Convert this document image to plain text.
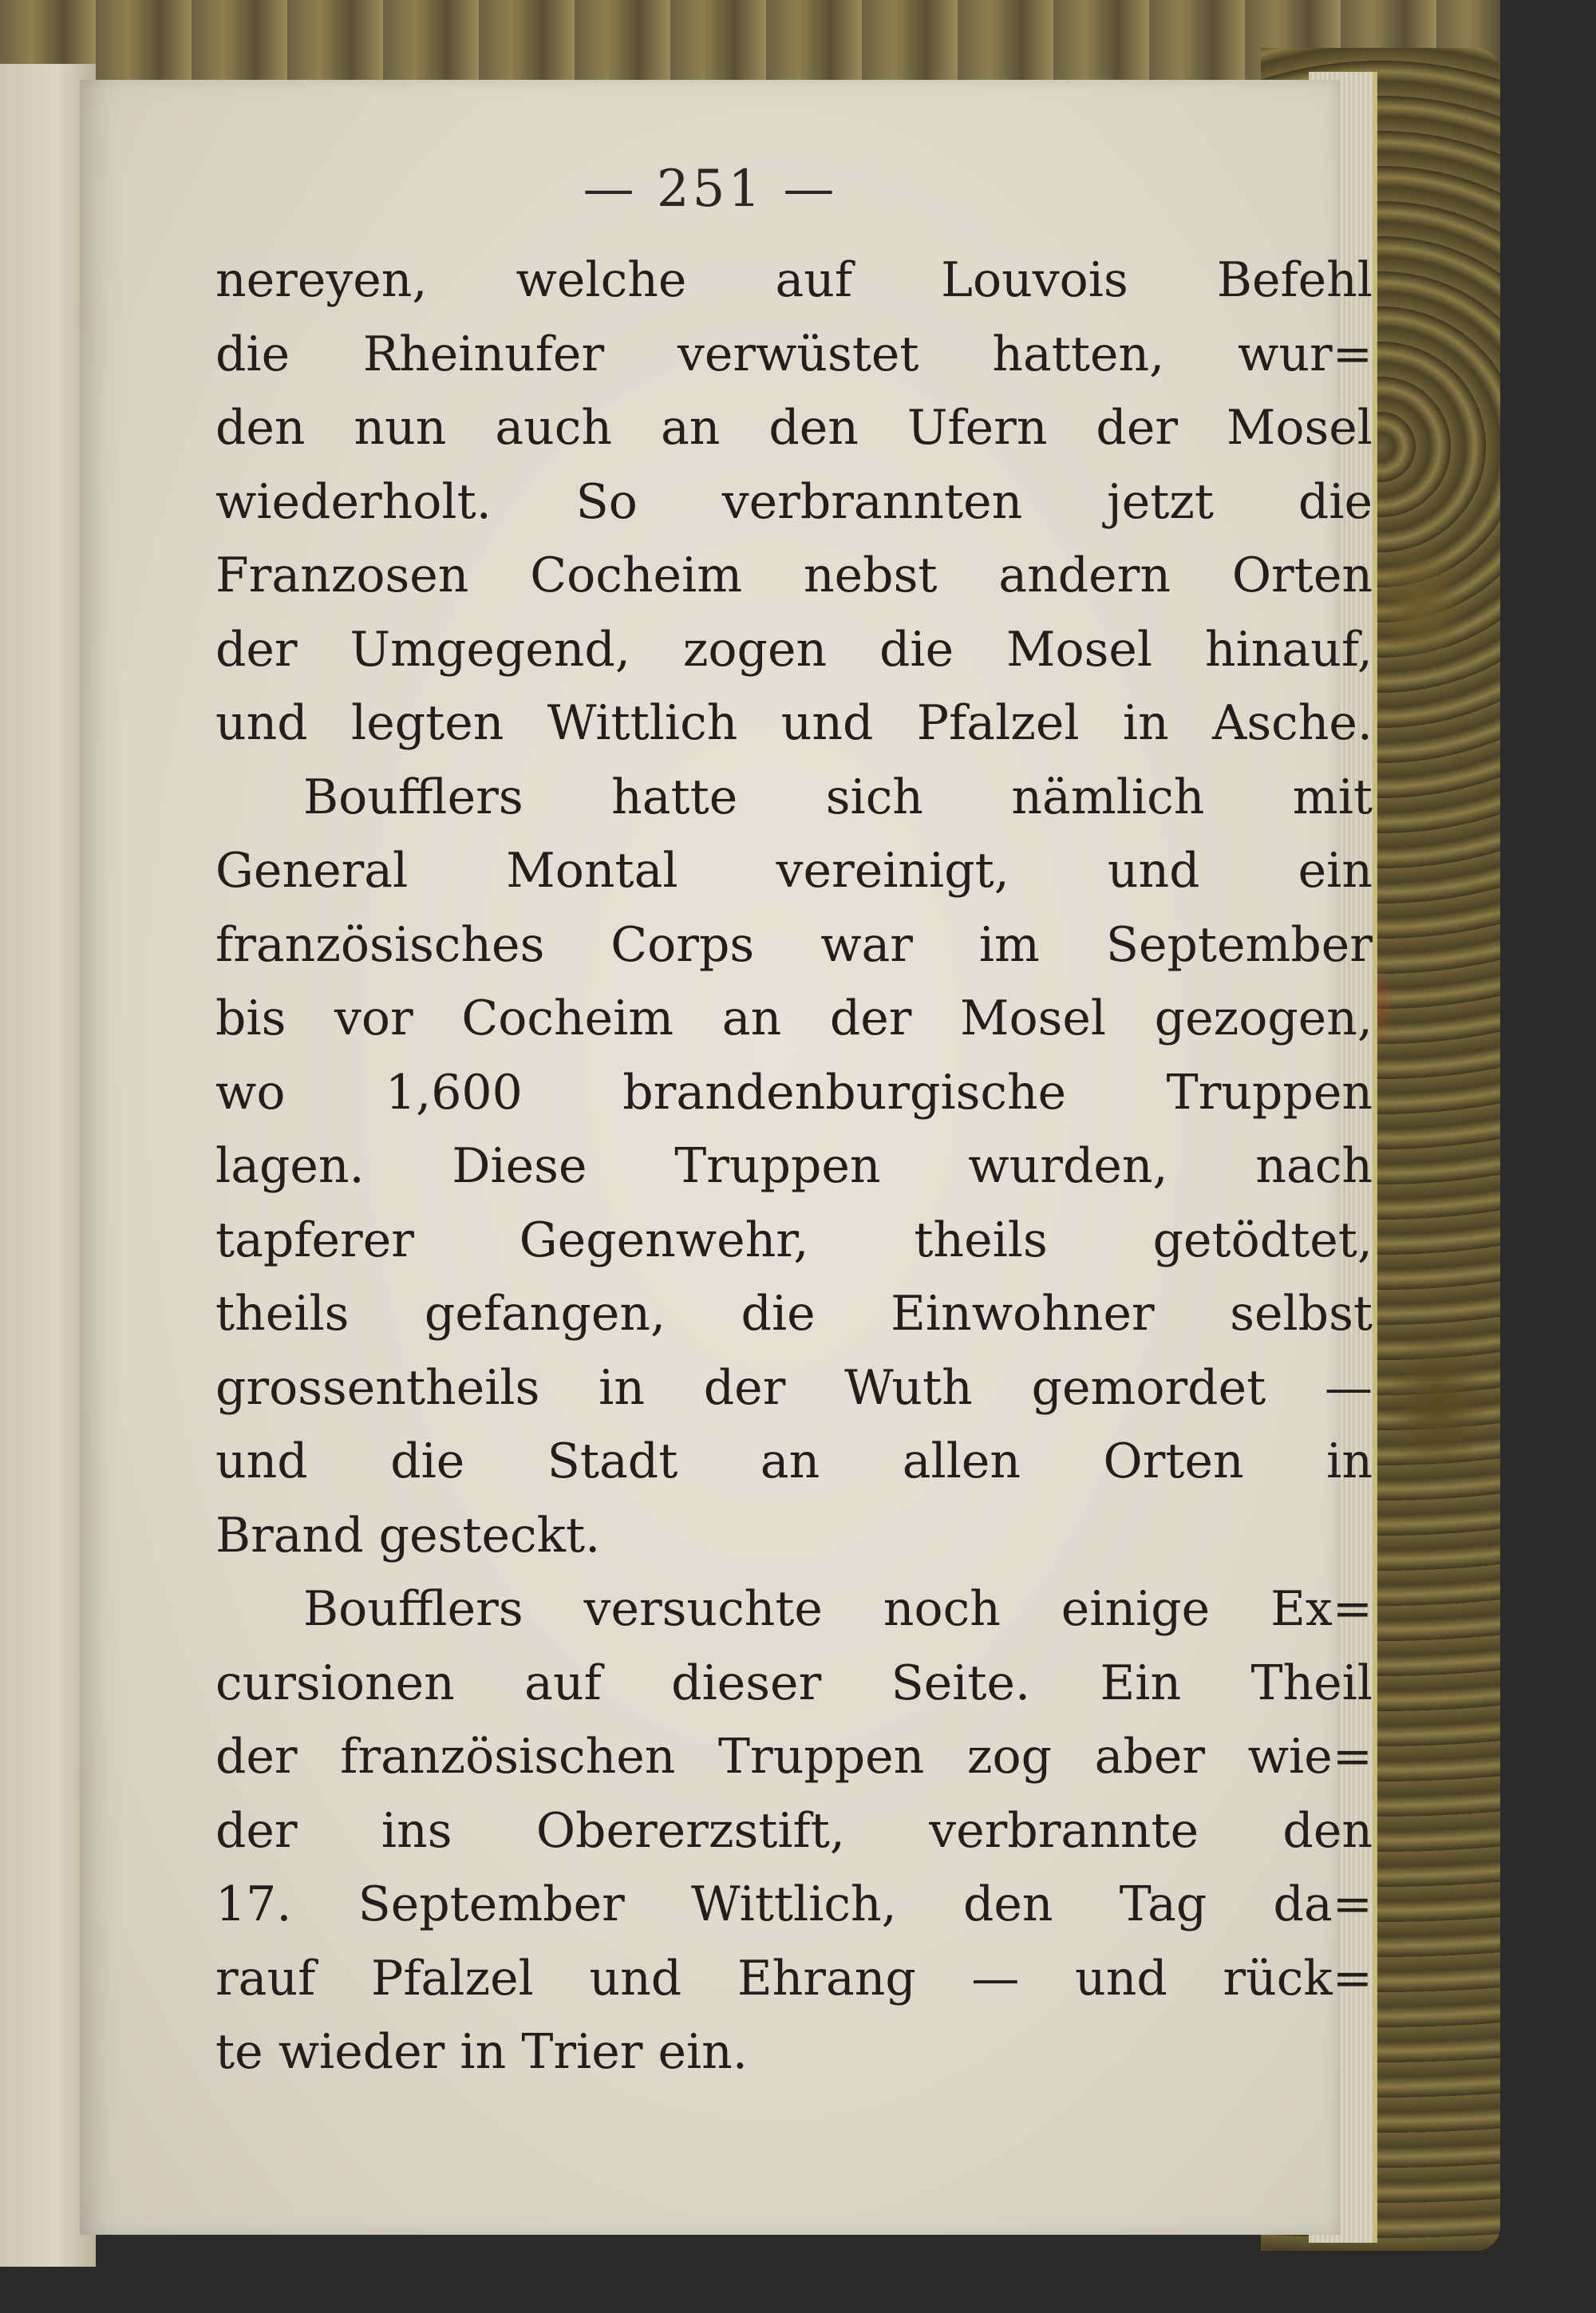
— 251 —
nereyen, welche auf Louvois Befehl
die Rheinufer verwüstet hatten, wur=
den nun auch an den Ufern der Mosel
wiederholt. So verbrannten jetzt die
Franzosen Cocheim nebst andern Orten
der Umgegend, zogen die Mosel hinauf,
und legten Wittlich und Pfalzel in Asche.
Boufflers hatte sich nämlich mit
General Montal vereinigt, und ein
französisches Corps war im September
bis vor Cocheim an der Mosel gezogen,
wo 1,600 brandenburgische Truppen
lagen. Diese Truppen wurden, nach
tapferer Gegenwehr, theils getödtet,
theils gefangen, die Einwohner selbst
grossentheils in der Wuth gemordet —
und die Stadt an allen Orten in
Brand gesteckt.
Boufflers versuchte noch einige Ex=
cursionen auf dieser Seite. Ein Theil
der französischen Truppen zog aber wie=
der ins Obererzstift, verbrannte den
17. September Wittlich, den Tag da=
rauf Pfalzel und Ehrang — und rück=
te wieder in Trier ein.
